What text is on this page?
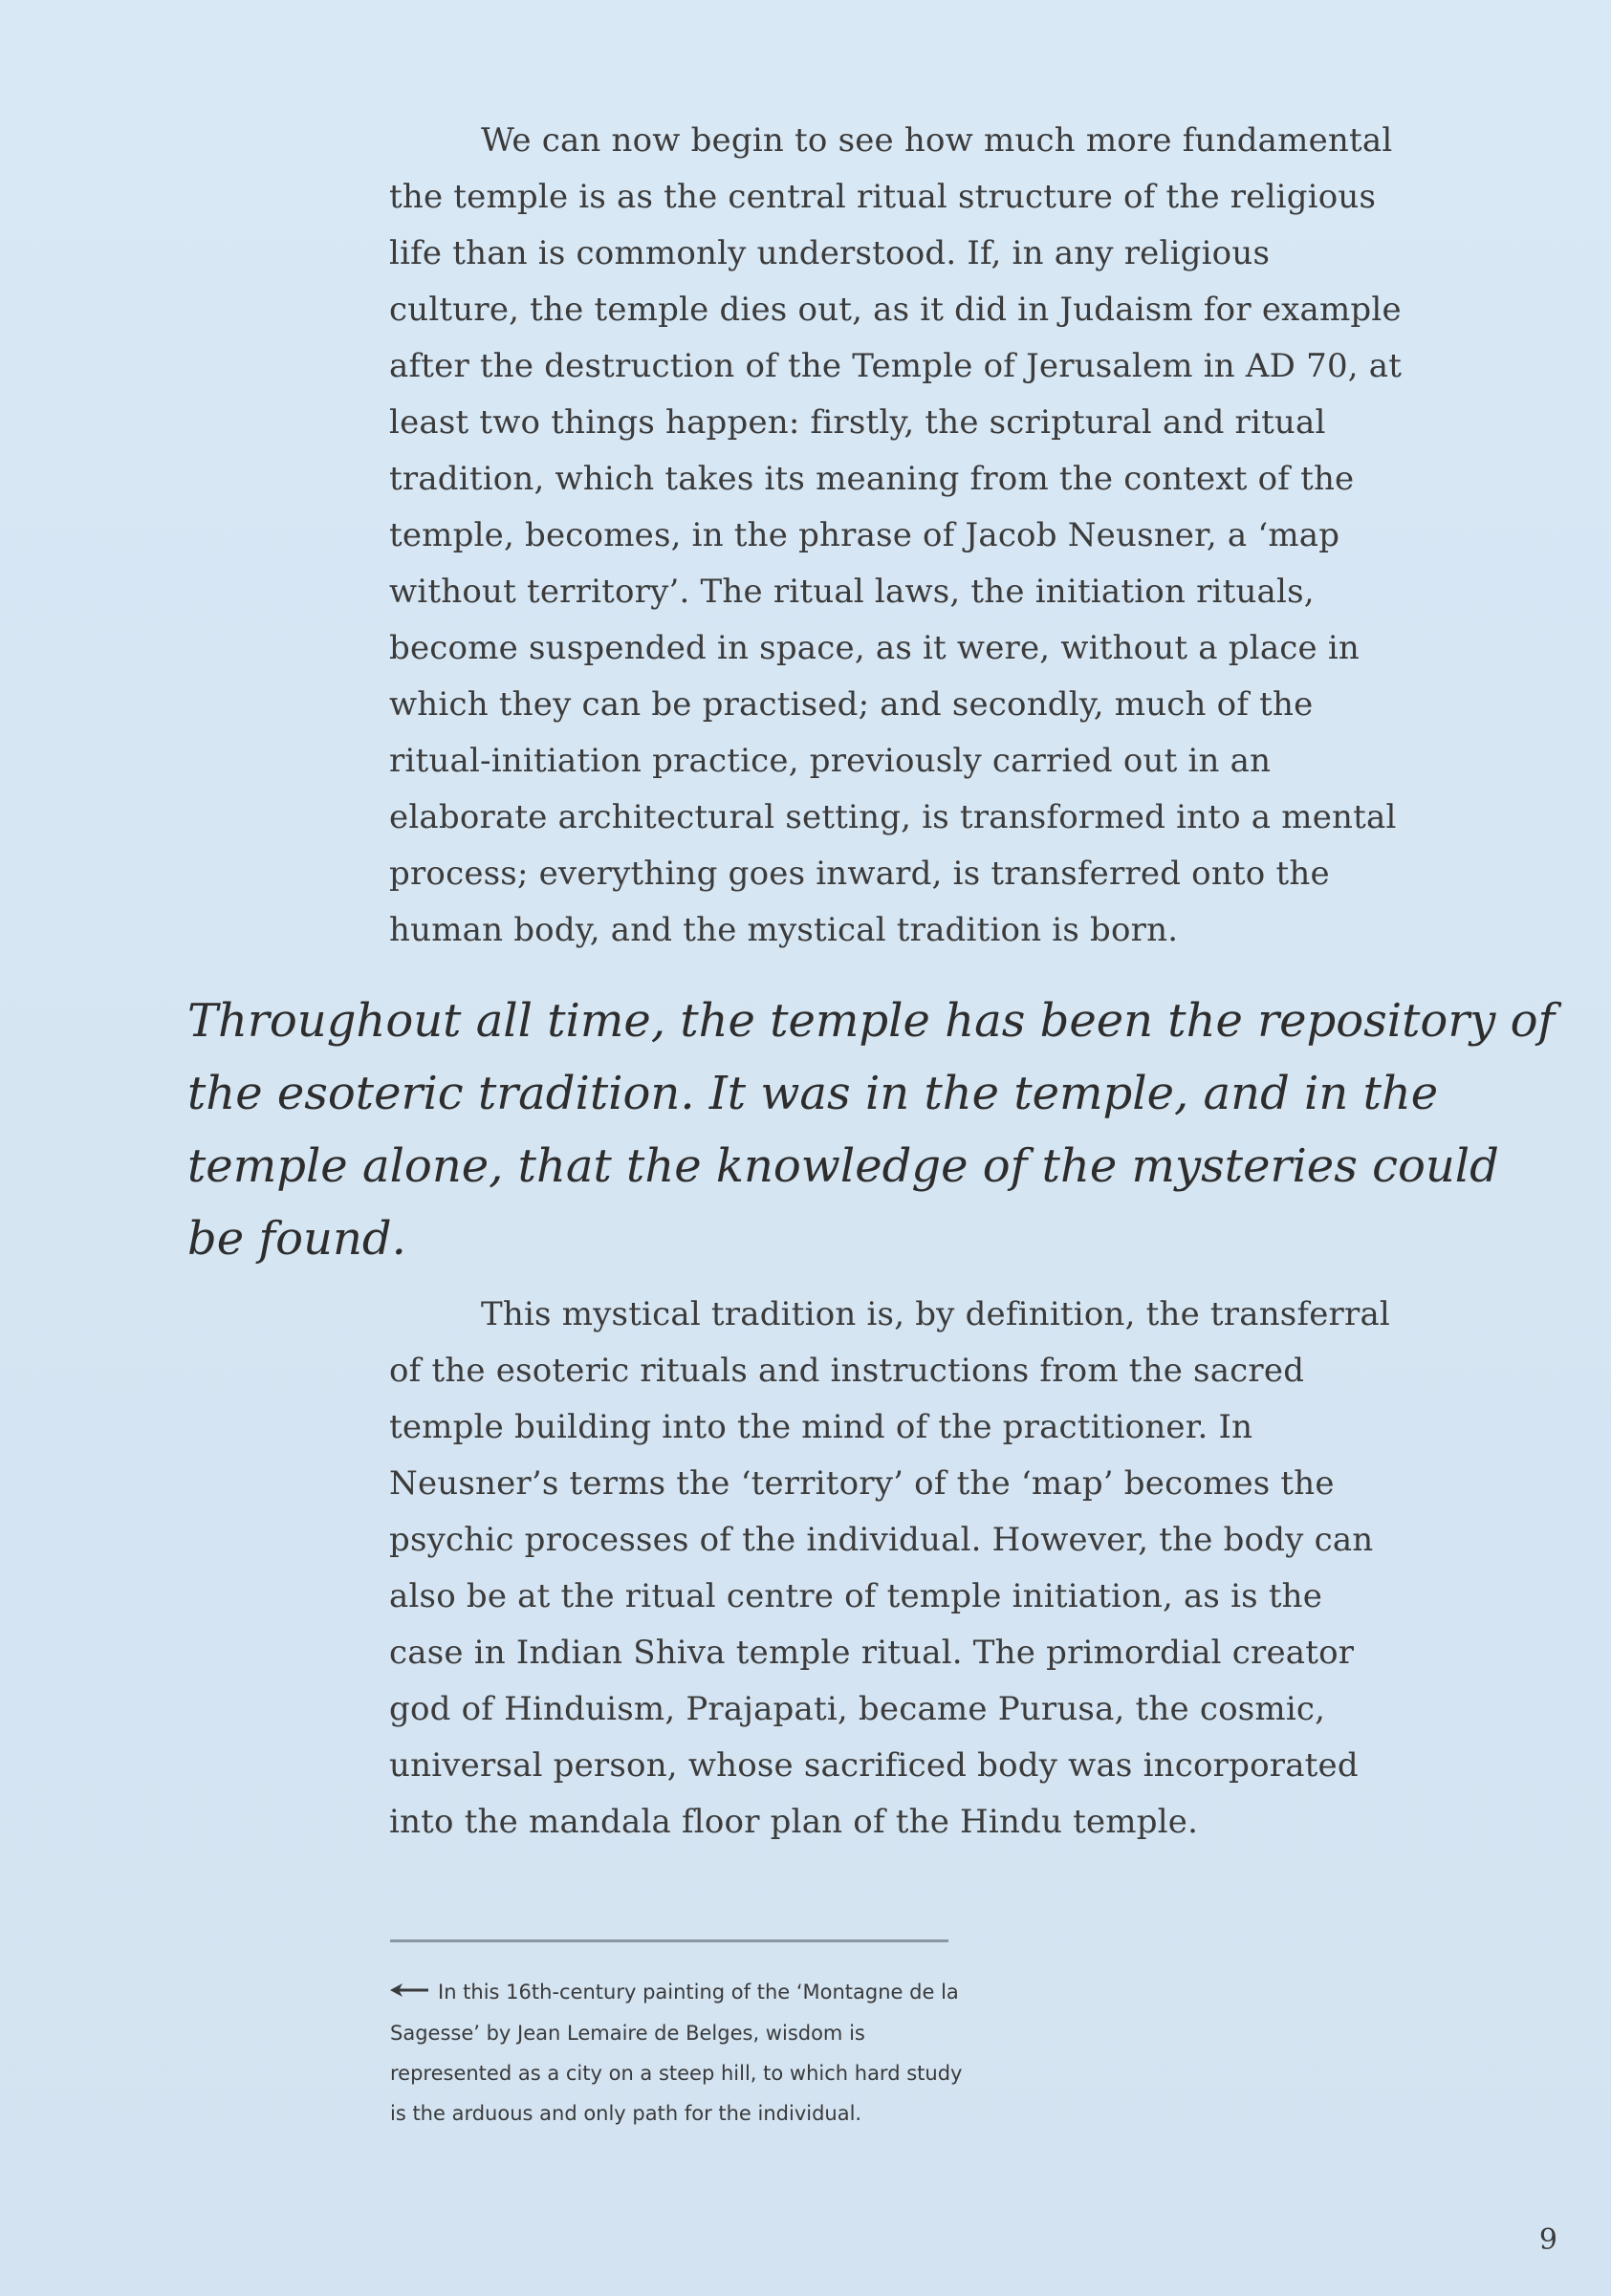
We can now begin to see how much more fundamental the temple is as the central ritual structure of the religious life than is commonly understood. If, in any religious culture, the temple dies out, as it did in Judaism for example after the destruction of the Temple of Jerusalem in AD 70, at least two things happen: firstly, the scriptural and ritual tradition, which takes its meaning from the context of the temple, becomes, in the phrase of Jacob Neusner, a ‘map without territory’. The ritual laws, the initiation rituals, become suspended in space, as it were, without a place in which they can be practised; and secondly, much of the ritual-initiation practice, previously carried out in an elaborate architectural setting, is transformed into a mental process; everything goes inward, is transferred onto the human body, and the mystical tradition is born.

Throughout all time, the temple has been the repository of the esoteric tradition. It was in the temple, and in the temple alone, that the knowledge of the mysteries could be found.

This mystical tradition is, by definition, the transferral of the esoteric rituals and instructions from the sacred temple building into the mind of the practitioner. In Neusner’s terms the ‘territory’ of the ‘map’ becomes the psychic processes of the individual. However, the body can also be at the ritual centre of temple initiation, as is the case in Indian Shiva temple ritual. The primordial creator god of Hinduism, Prajapati, became Purusa, the cosmic, universal person, whose sacrificed body was incorporated into the mandala floor plan of the Hindu temple.

In this 16th-century painting of the ‘Montagne de la Sagesse’ by Jean Lemaire de Belges, wisdom is represented as a city on a steep hill, to which hard study is the arduous and only path for the individual.

9
